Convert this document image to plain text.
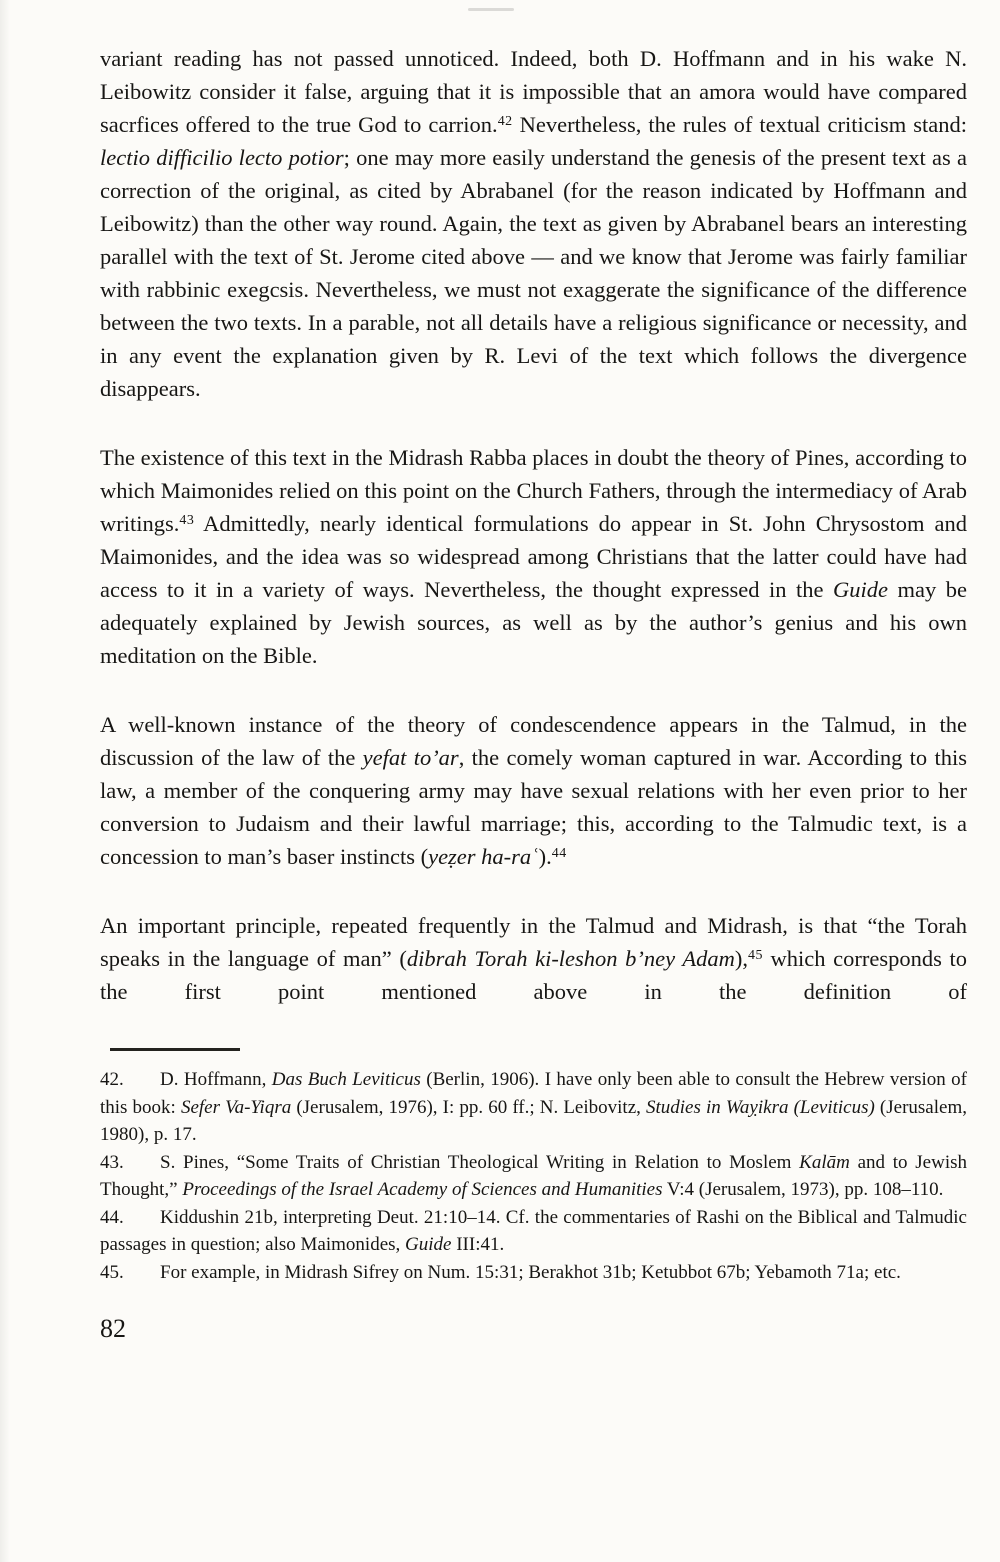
variant reading has not passed unnoticed. Indeed, both D. Hoffmann and in his wake N. Leibowitz consider it false, arguing that it is impossible that an amora would have compared sacrfices offered to the true God to carrion.$^{42}$ Nevertheless, the rules of textual criticism stand: lectio difficilio lecto potior; one may more easily understand the genesis of the present text as a correction of the original, as cited by Abrabanel (for the reason indicated by Hoffmann and Leibowitz) than the other way round. Again, the text as given by Abrabanel bears an interesting parallel with the text of St. Jerome cited above — and we know that Jerome was fairly familiar with rabbinic exegcsis. Nevertheless, we must not exaggerate the significance of the difference between the two texts. In a parable, not all details have a religious significance or necessity, and in any event the explanation given by R. Levi of the text which follows the divergence disappears.

The existence of this text in the Midrash Rabba places in doubt the theory of Pines, according to which Maimonides relied on this point on the Church Fathers, through the intermediacy of Arab writings.$^{43}$ Admittedly, nearly identical formulations do appear in St. John Chrysostom and Maimonides, and the idea was so widespread among Christians that the latter could have had access to it in a variety of ways. Nevertheless, the thought expressed in the Guide may be adequately explained by Jewish sources, as well as by the author’s genius and his own meditation on the Bible.

A well-known instance of the theory of condescendence appears in the Talmud, in the discussion of the law of the yefat to’ar, the comely woman captured in war. According to this law, a member of the conquering army may have sexual relations with her even prior to her conversion to Judaism and their lawful marriage; this, according to the Talmudic text, is a concession to man’s baser instincts (yeẓer ha-raʿ).$^{44}$

An important principle, repeated frequently in the Talmud and Midrash, is that “the Torah speaks in the language of man” (dibrah Torah ki-leshon b’ney Adam),$^{45}$ which corresponds to the first point mentioned above in the definition of

42. D. Hoffmann, Das Buch Leviticus (Berlin, 1906). I have only been able to consult the Hebrew version of this book: Sefer Va-Yiqra (Jerusalem, 1976), I: pp. 60 ff.; N. Leibovitz, Studies in Waỵikra (Leviticus) (Jerusalem, 1980), p. 17.

43. S. Pines, “Some Traits of Christian Theological Writing in Relation to Moslem Kalām and to Jewish Thought,” Proceedings of the Israel Academy of Sciences and Humanities V:4 (Jerusalem, 1973), pp. 108–110.

44. Kiddushin 21b, interpreting Deut. 21:10–14. Cf. the commentaries of Rashi on the Biblical and Talmudic passages in question; also Maimonides, Guide III:41.

45. For example, in Midrash Sifrey on Num. 15:31; Berakhot 31b; Ketubbot 67b; Yebamoth 71a; etc.

82
